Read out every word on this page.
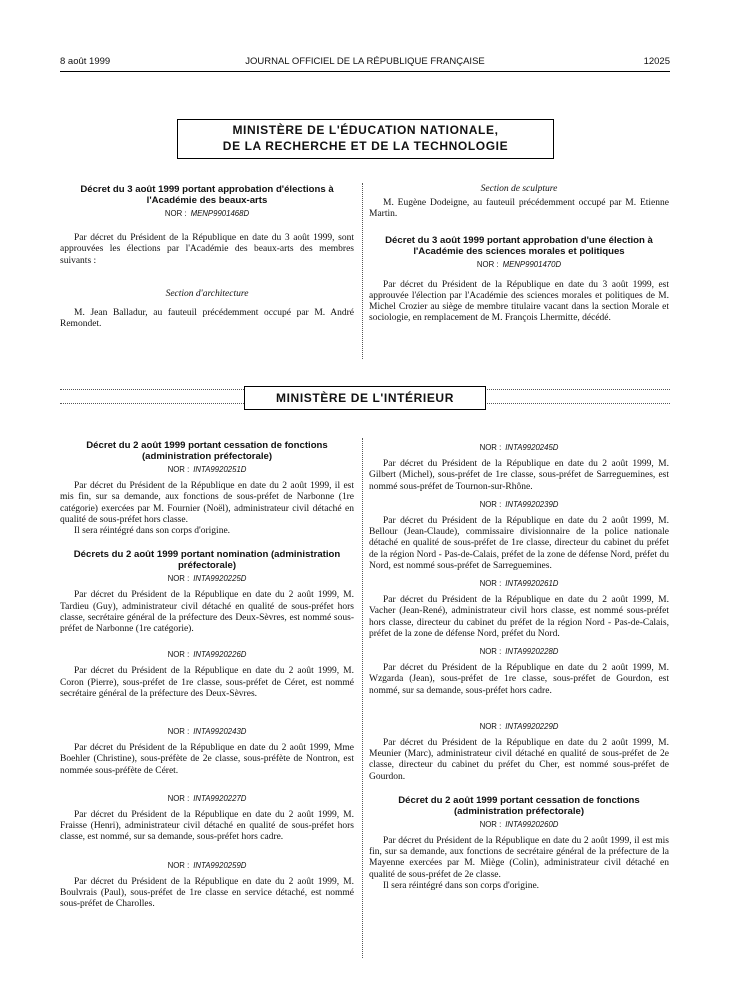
8 août 1999	JOURNAL OFFICIEL DE LA RÉPUBLIQUE FRANÇAISE	12025
MINISTÈRE DE L'ÉDUCATION NATIONALE,
DE LA RECHERCHE ET DE LA TECHNOLOGIE

Décret du 3 août 1999 portant approbation d'élections à l'Académie des beaux-arts

NOR : MENP9901468D

Par décret du Président de la République en date du 3 août 1999, sont approuvées les élections par l'Académie des beaux-arts des membres suivants :

Section d'architecture

M. Jean Balladur, au fauteuil précédemment occupé par M. André Remondet.

Section de sculpture

M. Eugène Dodeigne, au fauteuil précédemment occupé par M. Etienne Martin.

Décret du 3 août 1999 portant approbation d'une élection à l'Académie des sciences morales et politiques

NOR : MENP9901470D

Par décret du Président de la République en date du 3 août 1999, est approuvée l'élection par l'Académie des sciences morales et politiques de M. Michel Crozier au siège de membre titulaire vacant dans la section Morale et sociologie, en remplacement de M. François Lhermitte, décédé.

MINISTÈRE DE L'INTÉRIEUR

Décret du 2 août 1999 portant cessation de fonctions (administration préfectorale)

NOR : INTA9920251D

Par décret du Président de la République en date du 2 août 1999, il est mis fin, sur sa demande, aux fonctions de sous-préfet de Narbonne (1re catégorie) exercées par M. Fournier (Noël), administrateur civil détaché en qualité de sous-préfet hors classe.

Il sera réintégré dans son corps d'origine.

Décrets du 2 août 1999 portant nomination (administration préfectorale)

NOR : INTA9920225D

Par décret du Président de la République en date du 2 août 1999, M. Tardieu (Guy), administrateur civil détaché en qualité de sous-préfet hors classe, secrétaire général de la préfecture des Deux-Sèvres, est nommé sous-préfet de Narbonne (1re catégorie).

NOR : INTA9920226D

Par décret du Président de la République en date du 2 août 1999, M. Coron (Pierre), sous-préfet de 1re classe, sous-préfet de Céret, est nommé secrétaire général de la préfecture des Deux-Sèvres.

NOR : INTA9920243D

Par décret du Président de la République en date du 2 août 1999, Mme Boehler (Christine), sous-préfète de 2e classe, sous-préfète de Nontron, est nommée sous-préfète de Céret.

NOR : INTA9920227D

Par décret du Président de la République en date du 2 août 1999, M. Fraisse (Henri), administrateur civil détaché en qualité de sous-préfet hors classe, est nommé, sur sa demande, sous-préfet hors cadre.

NOR : INTA9920259D

Par décret du Président de la République en date du 2 août 1999, M. Boulvrais (Paul), sous-préfet de 1re classe en service détaché, est nommé sous-préfet de Charolles.

NOR : INTA9920245D

Par décret du Président de la République en date du 2 août 1999, M. Gilbert (Michel), sous-préfet de 1re classe, sous-préfet de Sarreguemines, est nommé sous-préfet de Tournon-sur-Rhône.

NOR : INTA9920239D

Par décret du Président de la République en date du 2 août 1999, M. Bellour (Jean-Claude), commissaire divisionnaire de la police nationale détaché en qualité de sous-préfet de 1re classe, directeur du cabinet du préfet de la région Nord - Pas-de-Calais, préfet de la zone de défense Nord, préfet du Nord, est nommé sous-préfet de Sarreguemines.

NOR : INTA9920261D

Par décret du Président de la République en date du 2 août 1999, M. Vacher (Jean-René), administrateur civil hors classe, est nommé sous-préfet hors classe, directeur du cabinet du préfet de la région Nord - Pas-de-Calais, préfet de la zone de défense Nord, préfet du Nord.

NOR : INTA9920228D

Par décret du Président de la République en date du 2 août 1999, M. Wzgarda (Jean), sous-préfet de 1re classe, sous-préfet de Gourdon, est nommé, sur sa demande, sous-préfet hors cadre.

NOR : INTA9920229D

Par décret du Président de la République en date du 2 août 1999, M. Meunier (Marc), administrateur civil détaché en qualité de sous-préfet de 2e classe, directeur du cabinet du préfet du Cher, est nommé sous-préfet de Gourdon.

Décret du 2 août 1999 portant cessation de fonctions (administration préfectorale)

NOR : INTA9920260D

Par décret du Président de la République en date du 2 août 1999, il est mis fin, sur sa demande, aux fonctions de secrétaire général de la préfecture de la Mayenne exercées par M. Miège (Colin), administrateur civil détaché en qualité de sous-préfet de 2e classe.

Il sera réintégré dans son corps d'origine.
